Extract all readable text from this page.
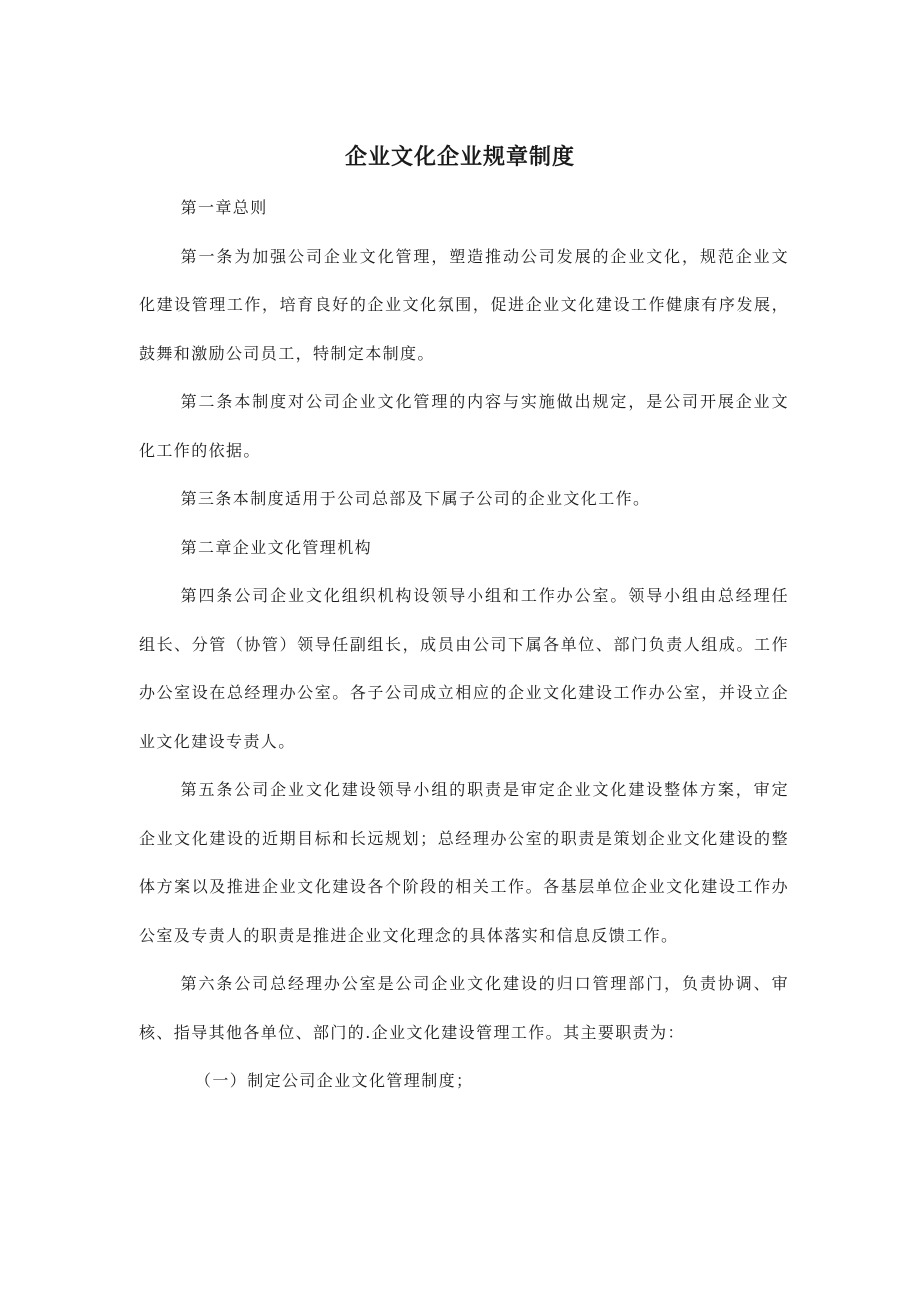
企业文化企业规章制度

第一章总则

第一条为加强公司企业文化管理，塑造推动公司发展的企业文化，规范企业文化建设管理工作，培育良好的企业文化氛围，促进企业文化建设工作健康有序发展，鼓舞和激励公司员工，特制定本制度。

第二条本制度对公司企业文化管理的内容与实施做出规定，是公司开展企业文化工作的依据。

第三条本制度适用于公司总部及下属子公司的企业文化工作。

第二章企业文化管理机构

第四条公司企业文化组织机构设领导小组和工作办公室。领导小组由总经理任组长、分管（协管）领导任副组长，成员由公司下属各单位、部门负责人组成。工作办公室设在总经理办公室。各子公司成立相应的企业文化建设工作办公室，并设立企业文化建设专责人。

第五条公司企业文化建设领导小组的职责是审定企业文化建设整体方案，审定企业文化建设的近期目标和长远规划；总经理办公室的职责是策划企业文化建设的整体方案以及推进企业文化建设各个阶段的相关工作。各基层单位企业文化建设工作办公室及专责人的职责是推进企业文化理念的具体落实和信息反馈工作。

第六条公司总经理办公室是公司企业文化建设的归口管理部门，负责协调、审核、指导其他各单位、部门的.企业文化建设管理工作。其主要职责为：

（一）制定公司企业文化管理制度；
